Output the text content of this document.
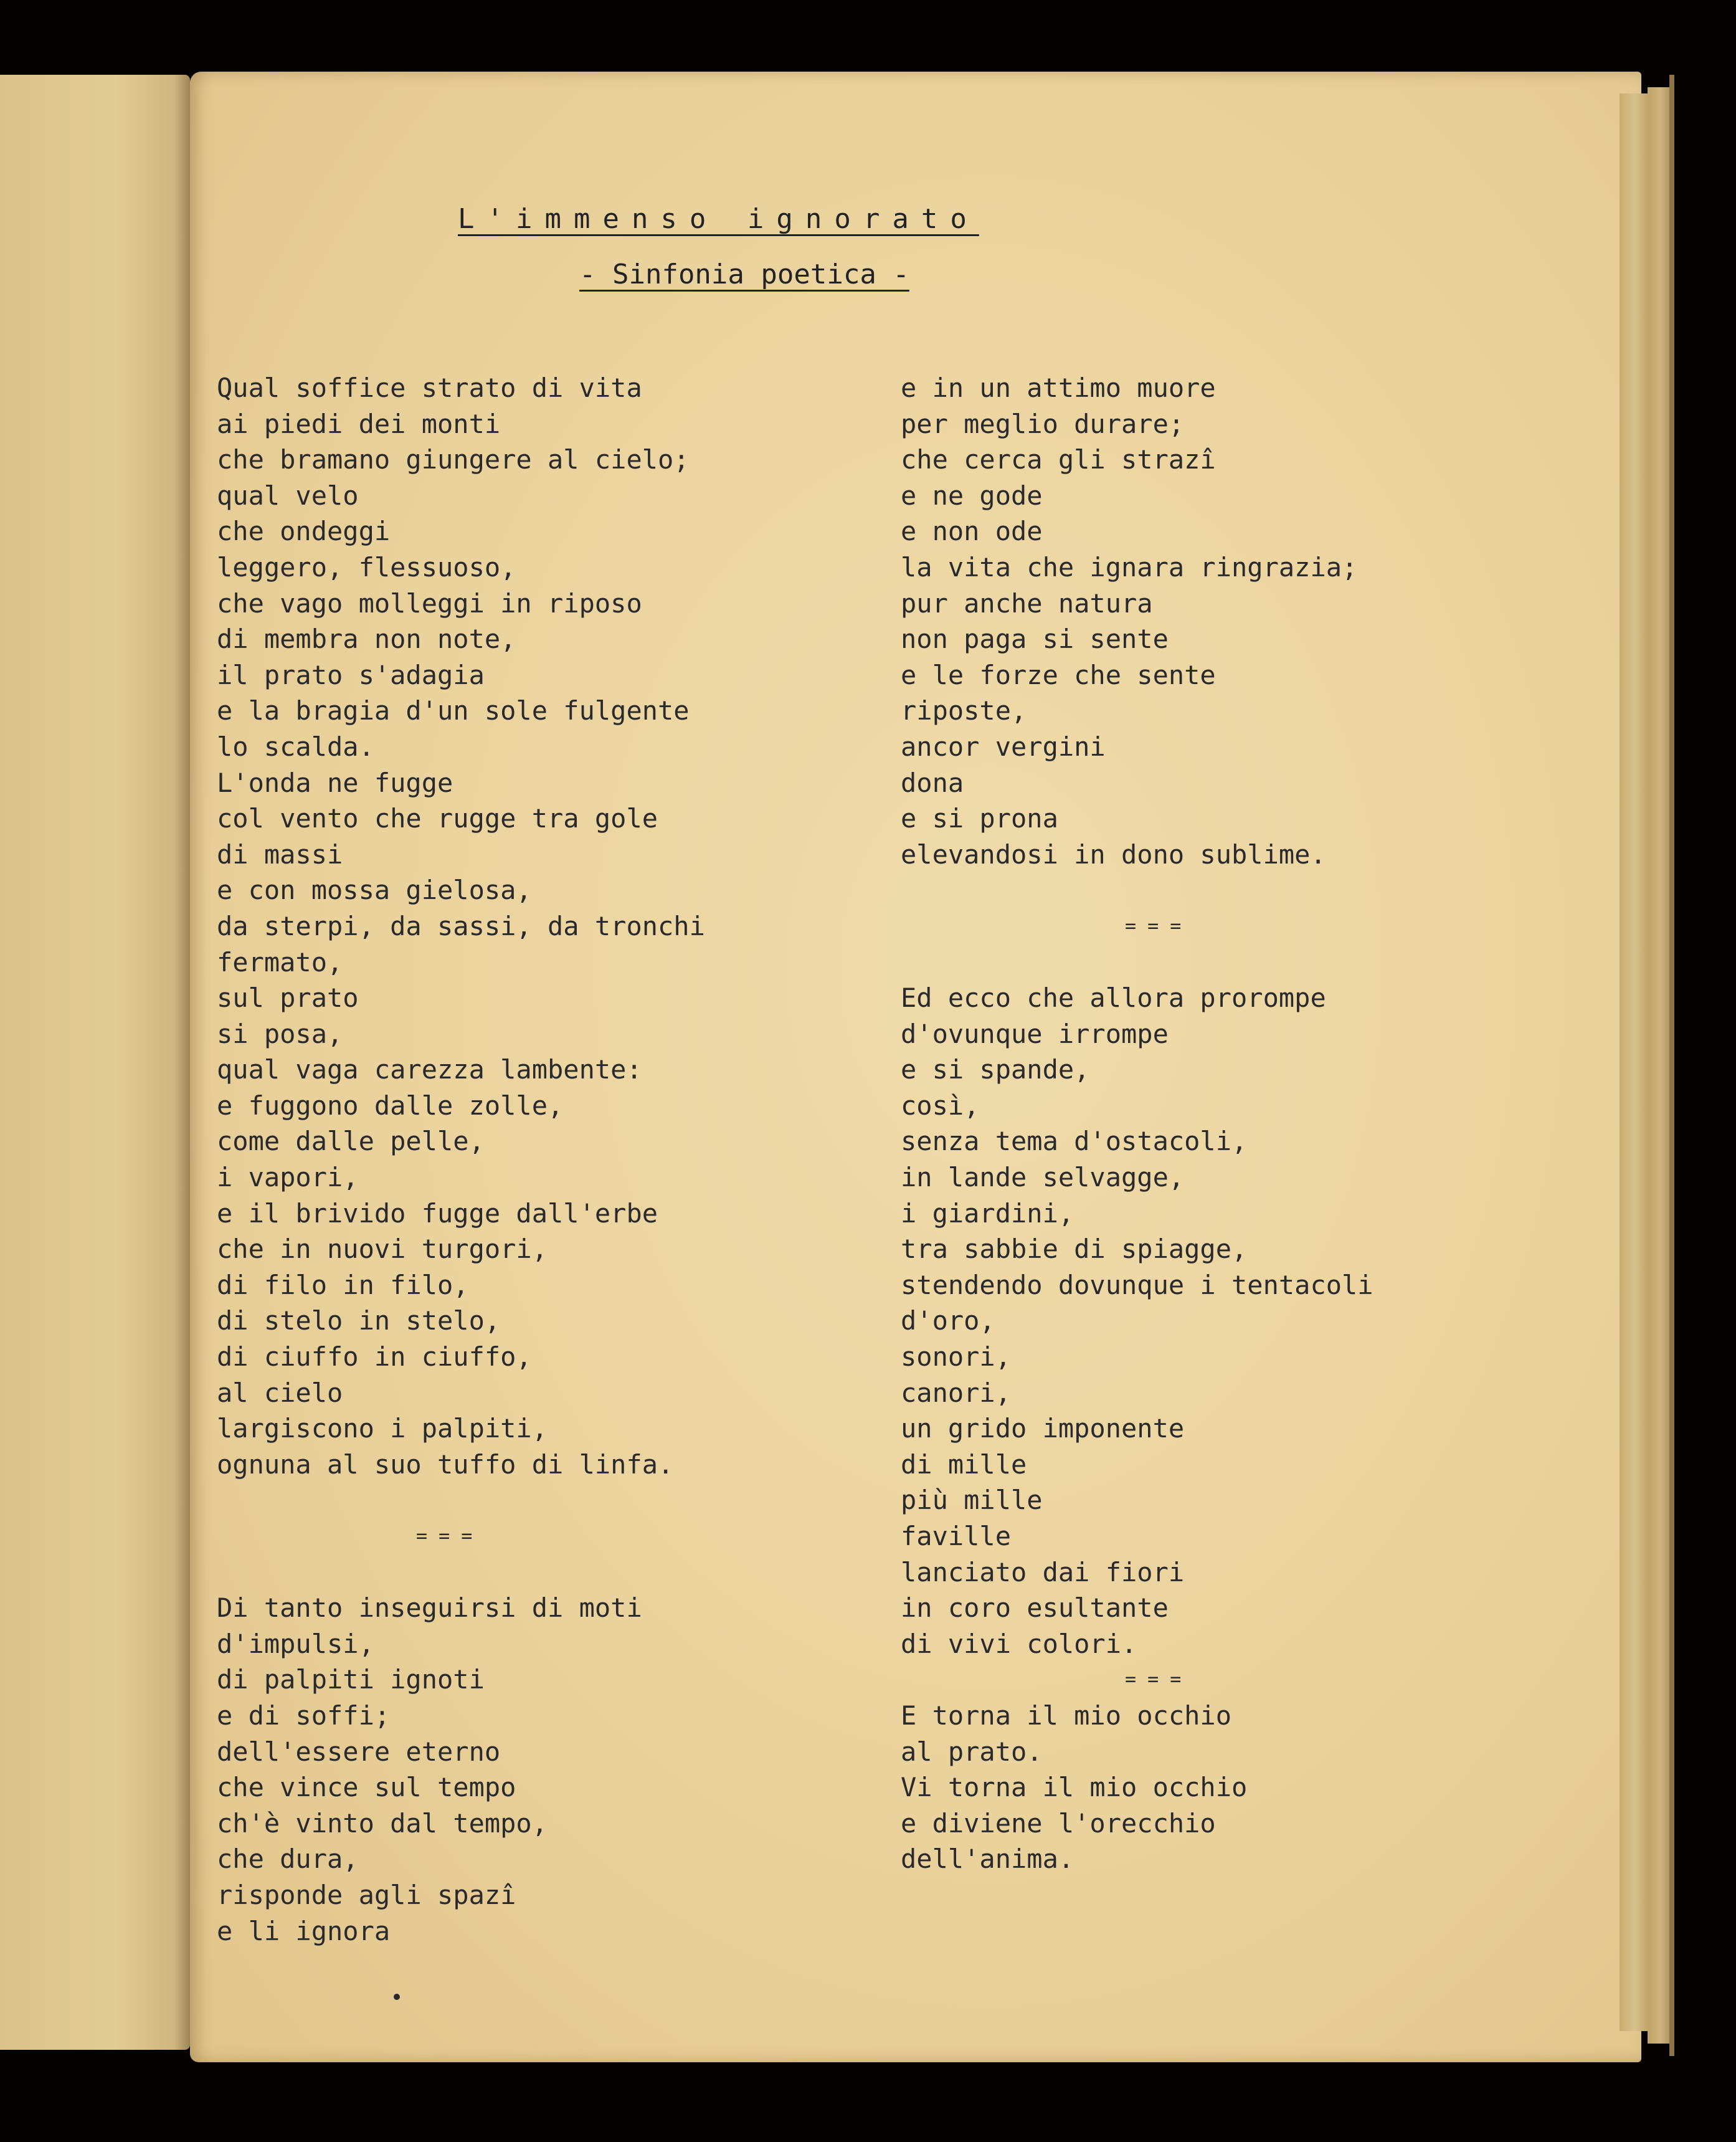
L'immenso ignorato
- Sinfonia poetica -
Qual soffice strato di vita
ai piedi dei monti
che bramano giungere al cielo;
qual velo
che ondeggi
leggero, flessuoso,
che vago molleggi in riposo
di membra non note,
il prato s'adagia
e la bragia d'un sole fulgente
lo scalda.
L'onda ne fugge
col vento che rugge tra gole
di massi
e con mossa gielosa,
da sterpi, da sassi, da tronchi
fermato,
sul prato
si posa,
qual vaga carezza lambente:
e fuggono dalle zolle,
come dalle pelle,
i vapori,
e il brivido fugge dall'erbe
che in nuovi turgori,
di filo in filo,
di stelo in stelo,
di ciuffo in ciuffo,
al cielo
largiscono i palpiti,
ognuna al suo tuffo di linfa.
= = =
Di tanto inseguirsi di moti
d'impulsi,
di palpiti ignoti
e di soffi;
dell'essere eterno
che vince sul tempo
ch'è vinto dal tempo,
che dura,
risponde agli spazî
e li ignora
e in un attimo muore
per meglio durare;
che cerca gli strazî
e ne gode
e non ode
la vita che ignara ringrazia;
pur anche natura
non paga si sente
e le forze che sente
riposte,
ancor vergini
dona
e si prona
elevandosi in dono sublime.
= = =
Ed ecco che allora prorompe
d'ovunque irrompe
e si spande,
così,
senza tema d'ostacoli,
in lande selvagge,
i giardini,
tra sabbie di spiagge,
stendendo dovunque i tentacoli
d'oro,
sonori,
canori,
un grido imponente
di mille
più mille
faville
lanciato dai fiori
in coro esultante
di vivi colori.
= = =
E torna il mio occhio
al prato.
Vi torna il mio occhio
e diviene l'orecchio
dell'anima.
